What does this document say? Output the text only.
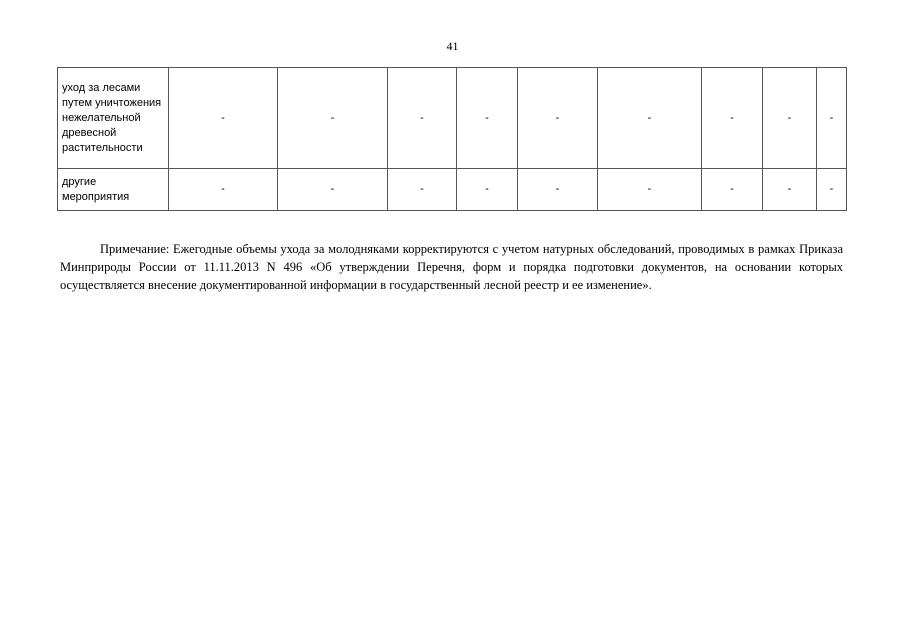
41
уход за лесами путем уничтожения нежелательной древесной растительности	-	-	-	-	-	-	-	-	-
другие мероприятия	-	-	-	-	-	-	-	-	-

Примечание: Ежегодные объемы ухода за молодняками корректируются с учетом натурных обследований, проводимых в рамках Приказа Минприроды России от 11.11.2013 N 496 «Об утверждении Перечня, форм и порядка подготовки документов, на основании которых осуществляется внесение документированной информации в государственный лесной реестр и ее изменение».
